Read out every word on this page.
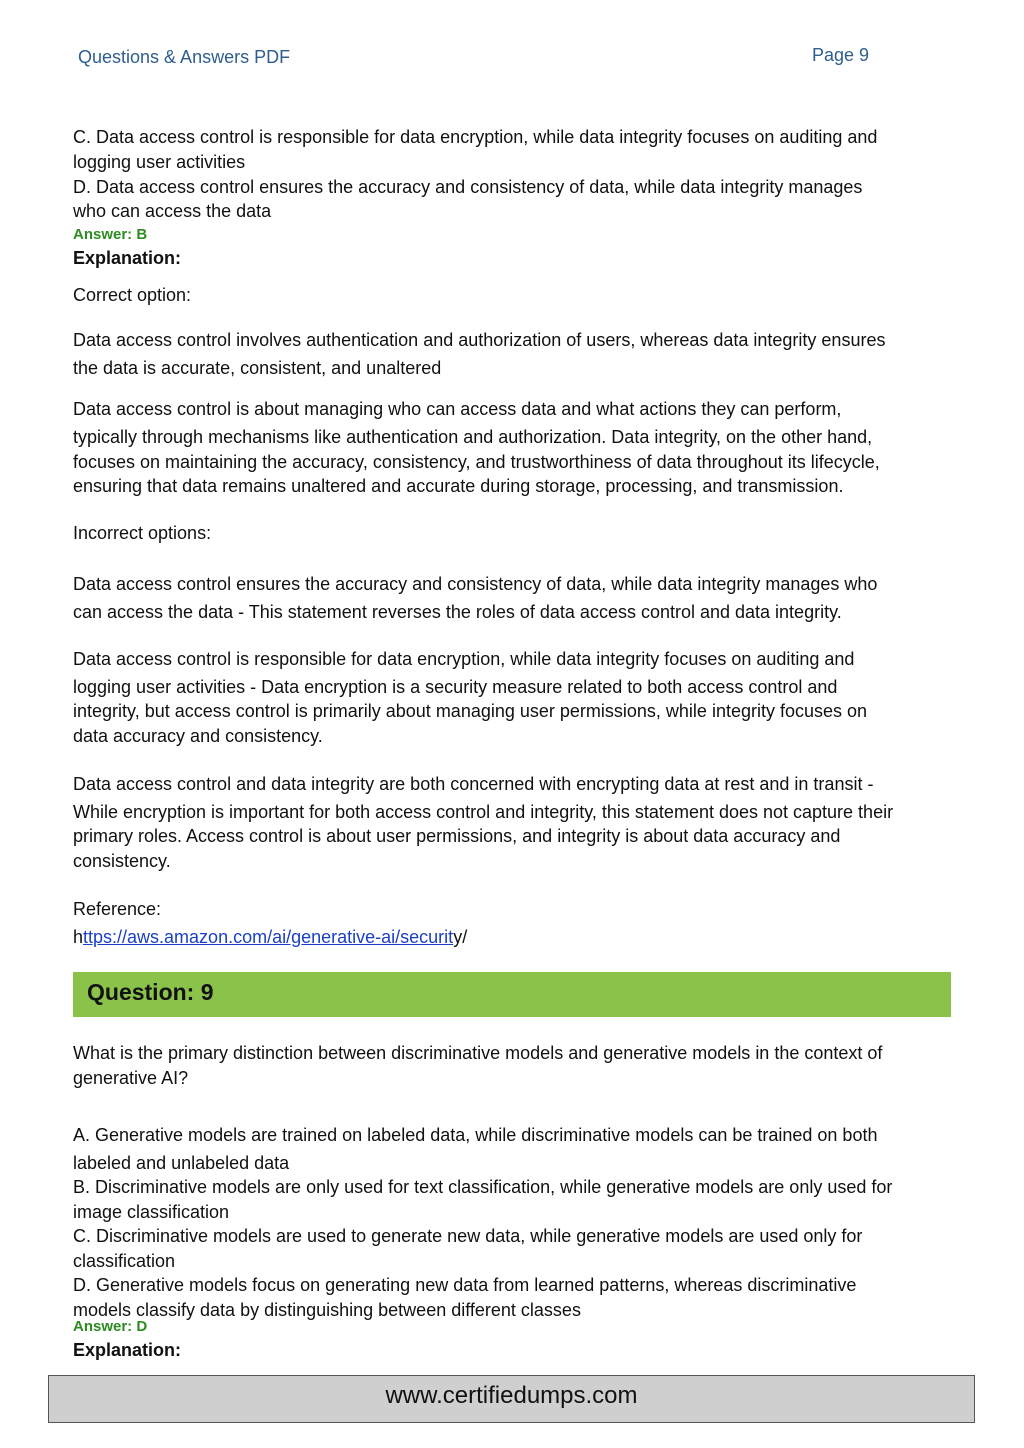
Questions & Answers PDF	Page 9
C. Data access control is responsible for data encryption, while data integrity focuses on auditing and
logging user activities
D. Data access control ensures the accuracy and consistency of data, while data integrity manages
who can access the data
Answer: B
Explanation:
Correct option:
Data access control involves authentication and authorization of users, whereas data integrity ensures
the data is accurate, consistent, and unaltered
Data access control is about managing who can access data and what actions they can perform,
typically through mechanisms like authentication and authorization. Data integrity, on the other hand,
focuses on maintaining the accuracy, consistency, and trustworthiness of data throughout its lifecycle,
ensuring that data remains unaltered and accurate during storage, processing, and transmission.
Incorrect options:
Data access control ensures the accuracy and consistency of data, while data integrity manages who
can access the data - This statement reverses the roles of data access control and data integrity.
Data access control is responsible for data encryption, while data integrity focuses on auditing and
logging user activities - Data encryption is a security measure related to both access control and
integrity, but access control is primarily about managing user permissions, while integrity focuses on
data accuracy and consistency.
Data access control and data integrity are both concerned with encrypting data at rest and in transit -
While encryption is important for both access control and integrity, this statement does not capture their
primary roles. Access control is about user permissions, and integrity is about data accuracy and
consistency.
Reference:
https://aws.amazon.com/ai/generative-ai/security/
Question: 9
What is the primary distinction between discriminative models and generative models in the context of
generative AI?
A. Generative models are trained on labeled data, while discriminative models can be trained on both
labeled and unlabeled data
B. Discriminative models are only used for text classification, while generative models are only used for
image classification
C. Discriminative models are used to generate new data, while generative models are used only for
classification
D. Generative models focus on generating new data from learned patterns, whereas discriminative
models classify data by distinguishing between different classes
Answer: D
Explanation:
www.certifiedumps.com
